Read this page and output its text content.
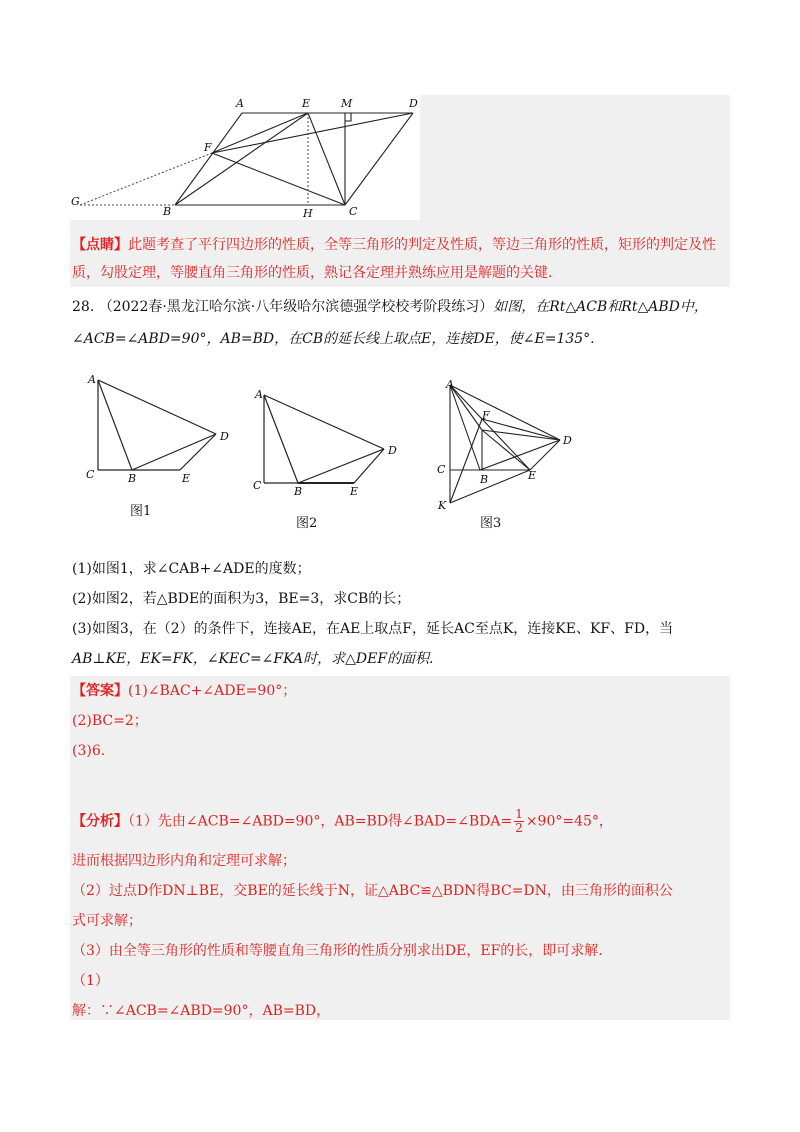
A	E	M	D
F
G
B	H	C
【点睛】此题考查了平行四边形的性质，全等三角形的判定及性质，等边三角形的性质，矩形的判定及性
质，勾股定理，等腰直角三角形的性质，熟记各定理并熟练应用是解题的关键.
28. （2022春·黑龙江哈尔滨·八年级哈尔滨德强学校校考阶段练习）如图，在Rt△ACB和Rt△ABD中，
∠ACB=∠ABD=90°，AB=BD，在CB的延长线上取点E，连接DE，使∠E=135°.
A
C	B	E
D
图1
A
C	B	E
D
图2
A
F
D
C
B	E
K
图3
(1)如图1，求∠CAB+∠ADE的度数；
(2)如图2，若△BDE的面积为3，BE=3，求CB的长；
(3)如图3，在（2）的条件下，连接AE，在AE上取点F，延长AC至点K，连接KE、KF、FD，当
AB⊥KE，EK=FK，∠KEC=∠FKA时，求△DEF的面积.
【答案】(1)∠BAC+∠ADE=90°；
(2)BC=2；
(3)6.
【分析】（1）先由∠ACB=∠ABD=90°，AB=BD得∠BAD=∠BDA= $\frac{1}{2} \times 90^\circ=45^\circ$，
进而根据四边形内角和定理可求解；
（2）过点D作DN⊥BE，交BE的延长线于N，证△ABC≌△BDN得BC=DN，由三角形的面积公
式可求解；
（3）由全等三角形的性质和等腰直角三角形的性质分别求出DE，EF的长，即可求解.
（1）
解：∵∠ACB=∠ABD=90°，AB=BD，
